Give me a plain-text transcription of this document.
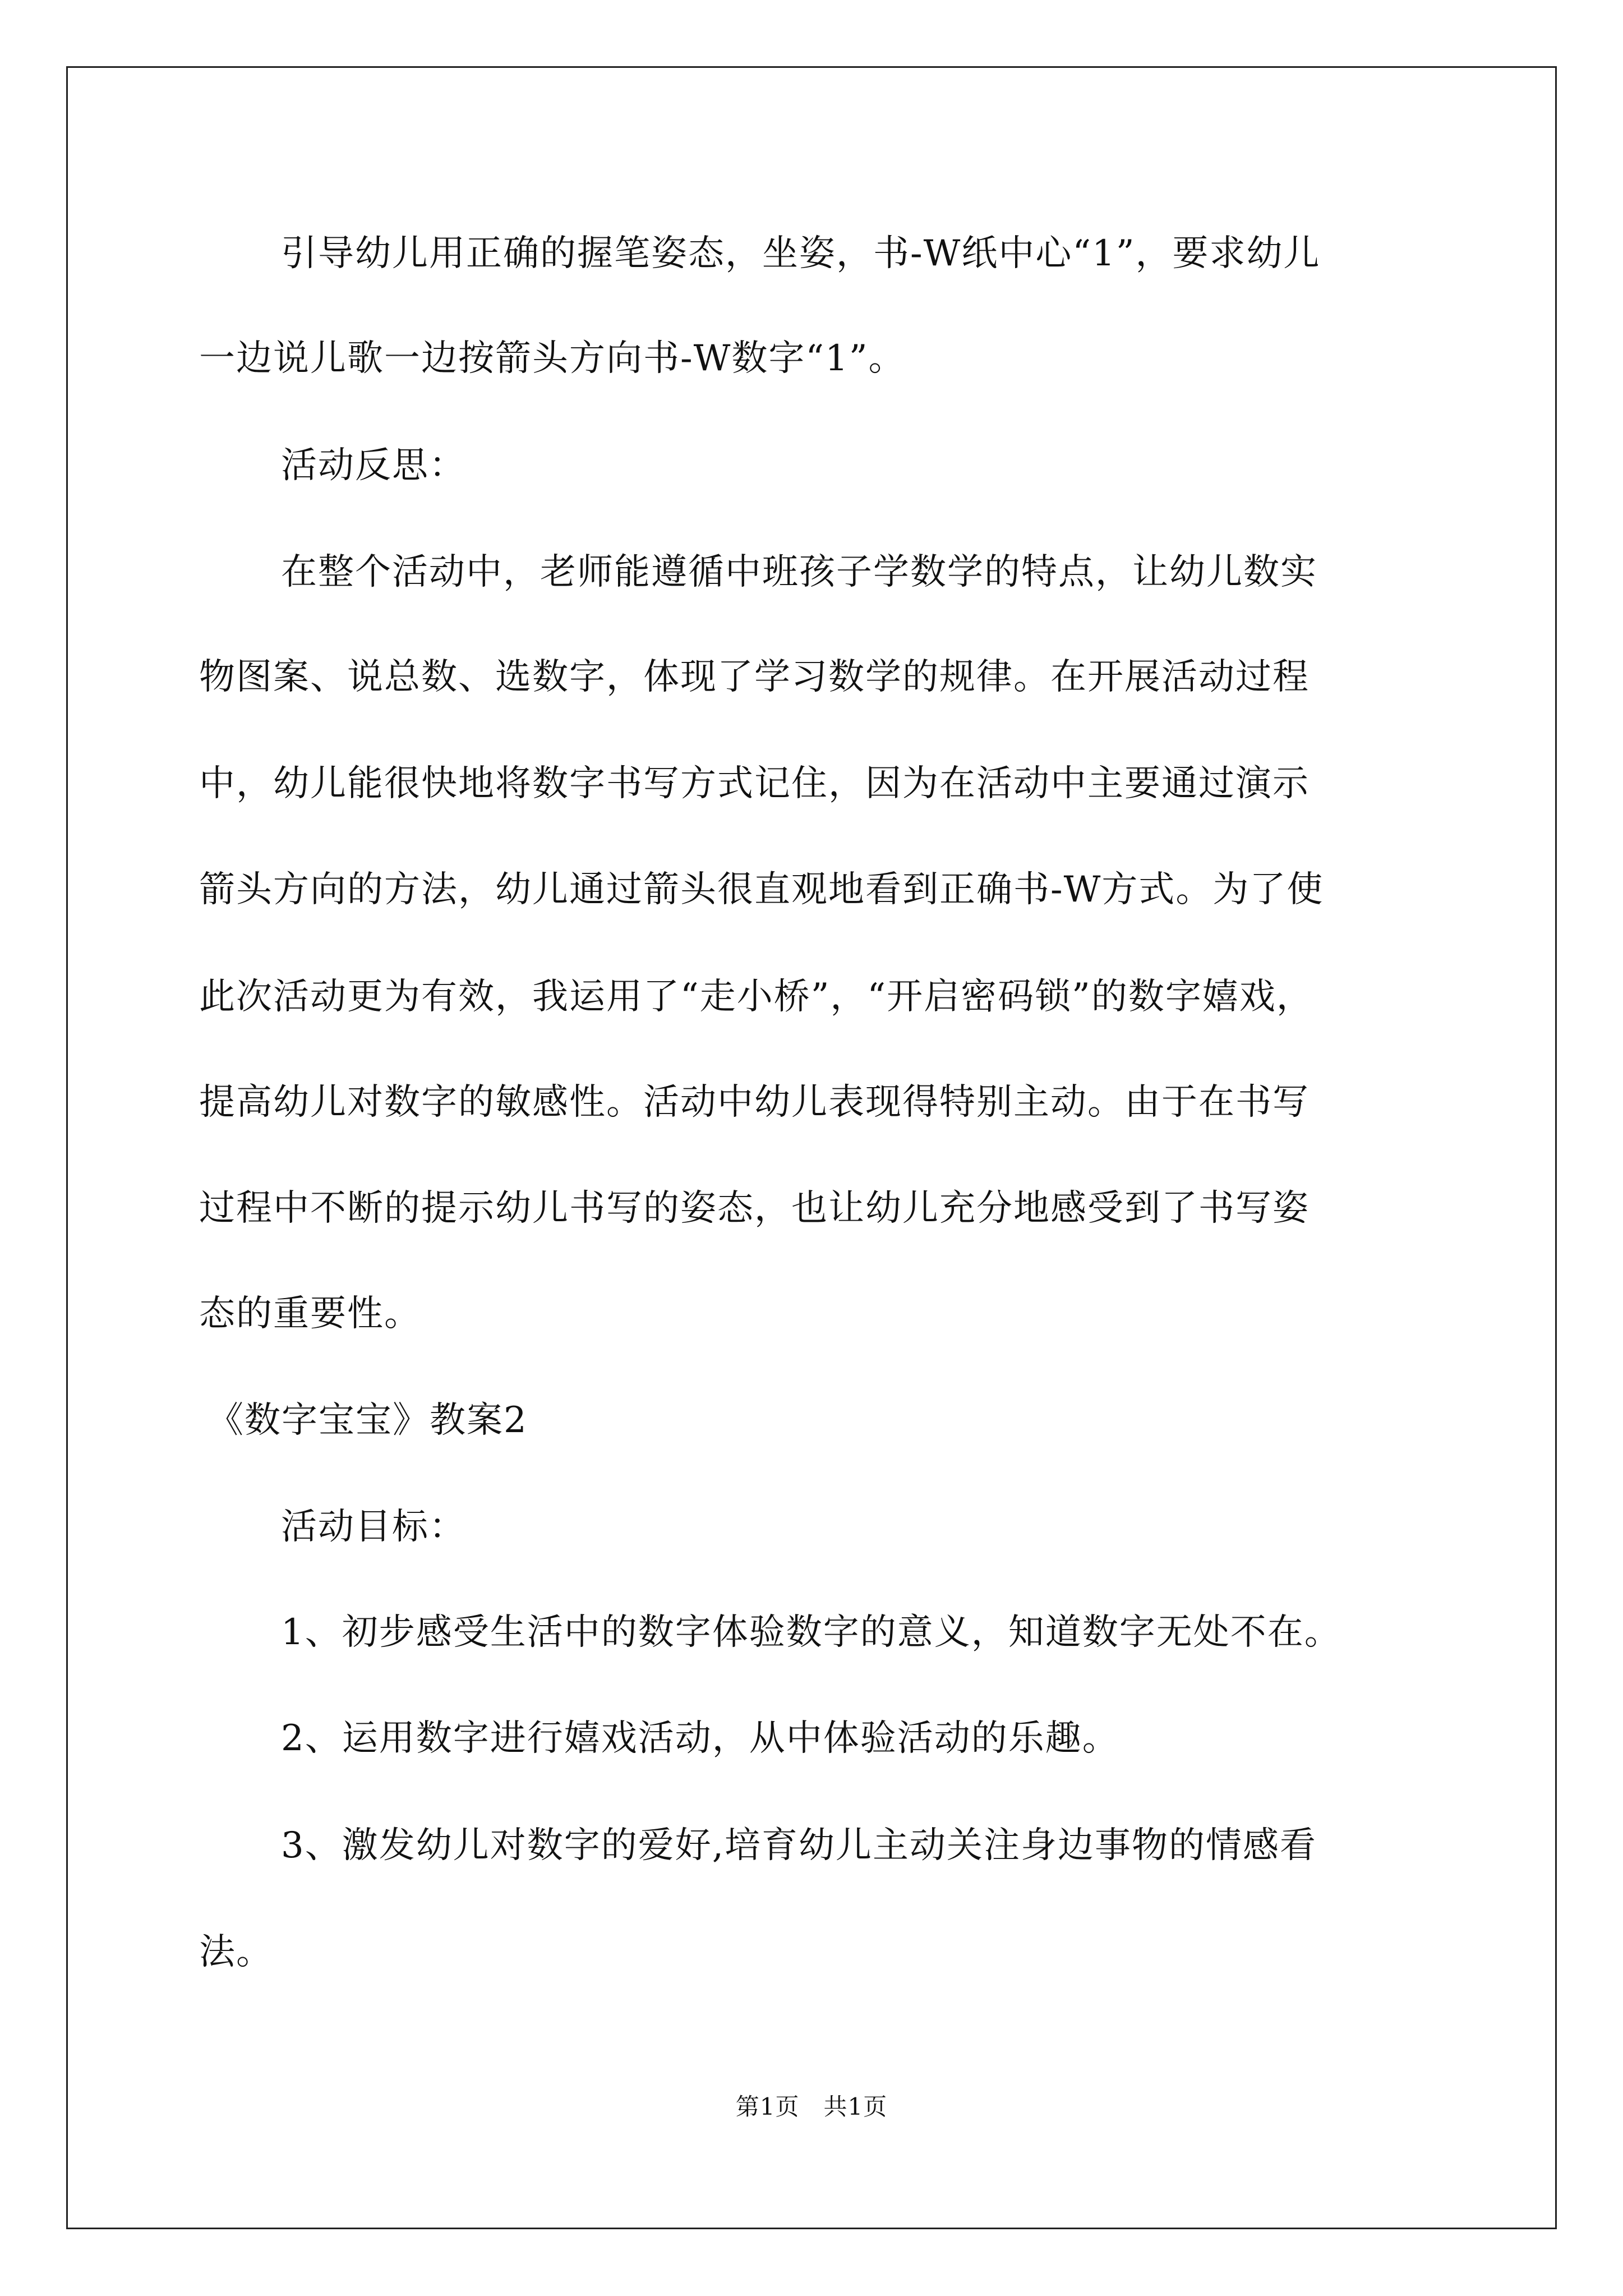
引导幼儿用正确的握笔姿态，坐姿，书-W纸中心“1”，要求幼儿
一边说儿歌一边按箭头方向书-W数字“1”。
活动反思：
在整个活动中，老师能遵循中班孩子学数学的特点，让幼儿数实
物图案、说总数、选数字，体现了学习数学的规律。在开展活动过程
中，幼儿能很快地将数字书写方式记住，因为在活动中主要通过演示
箭头方向的方法，幼儿通过箭头很直观地看到正确书-W方式。为了使
此次活动更为有效，我运用了“走小桥”，“开启密码锁”的数字嬉戏，
提高幼儿对数字的敏感性。活动中幼儿表现得特别主动。由于在书写
过程中不断的提示幼儿书写的姿态，也让幼儿充分地感受到了书写姿
态的重要性。
《数字宝宝》教案2
活动目标：
1、初步感受生活中的数字体验数字的意义，知道数字无处不在。
2、运用数字进行嬉戏活动，从中体验活动的乐趣。
3、激发幼儿对数字的爱好,培育幼儿主动关注身边事物的情感看
法。
第1页　共1页
